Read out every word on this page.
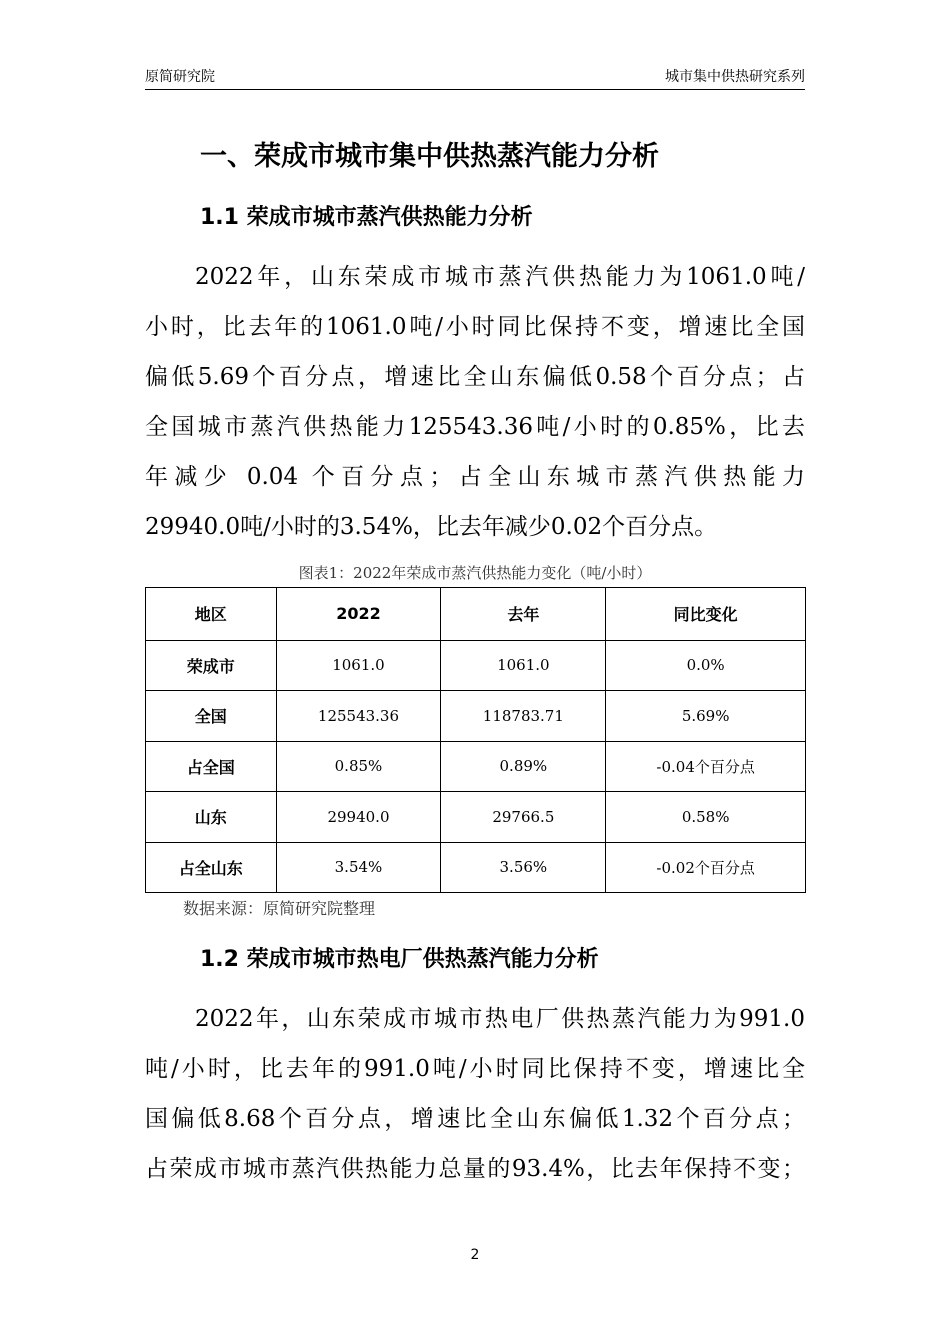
原简研究院	城市集中供热研究系列
一、荣成市城市集中供热蒸汽能力分析
1.1 荣成市城市蒸汽供热能力分析
2022年，山东荣成市城市蒸汽供热能力为1061.0吨/
小时，比去年的1061.0吨/小时同比保持不变，增速比全国
偏低5.69个百分点，增速比全山东偏低0.58个百分点；占
全国城市蒸汽供热能力125543.36吨/小时的0.85%，比去
年减少 0.04 个百分点；占全山东城市蒸汽供热能力
29940.0吨/小时的3.54%，比去年减少0.02个百分点。
图表1：2022年荣成市蒸汽供热能力变化（吨/小时）
地区	2022	去年	同比变化
荣成市	1061.0	1061.0	0.0%
全国	125543.36	118783.71	5.69%
占全国	0.85%	0.89%	-0.04个百分点
山东	29940.0	29766.5	0.58%
占全山东	3.54%	3.56%	-0.02个百分点
数据来源：原简研究院整理
1.2 荣成市城市热电厂供热蒸汽能力分析
2022年，山东荣成市城市热电厂供热蒸汽能力为991.0
吨/小时，比去年的991.0吨/小时同比保持不变，增速比全
国偏低8.68个百分点，增速比全山东偏低1.32个百分点；
占荣成市城市蒸汽供热能力总量的93.4%，比去年保持不变；
2
